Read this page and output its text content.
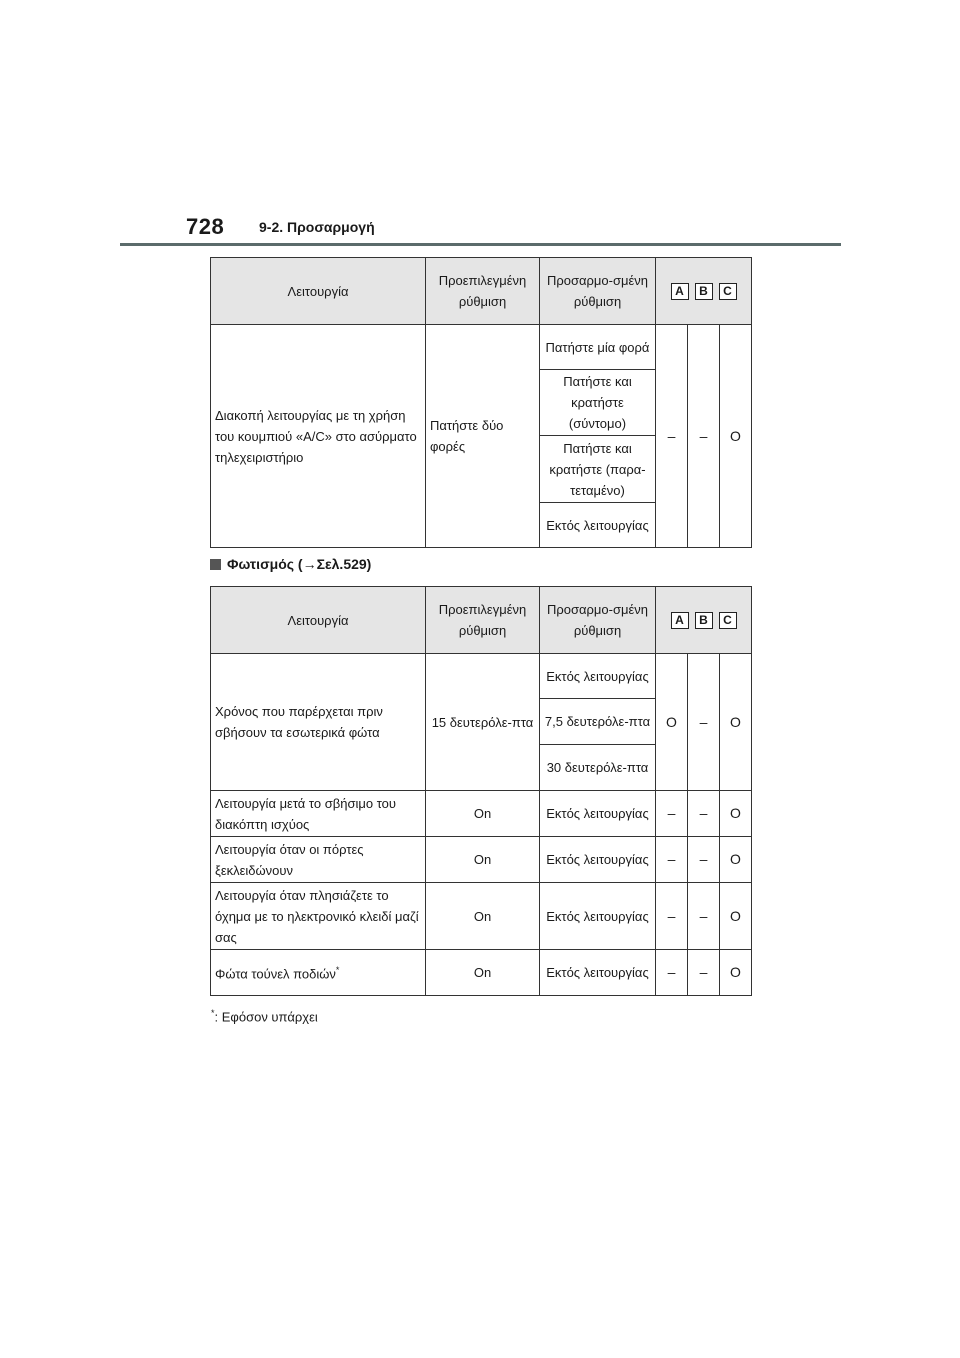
728 9-2. Προσαρμογή
Λειτουργία	Προεπιλεγμένη ρύθμιση	Προσαρμο-σμένη ρύθμιση	A B C		

Διακοπή λειτουργίας με τη χρήση του κουμπιού «A/C» στο ασύρματο τηλεχειριστήριο	Πατήστε δύο φορές	Πατήστε μία φορά	–	–	O
		Πατήστε και κρατήστε (σύντομο)			
		Πατήστε και κρατήστε (παρα-τεταμένο)			
		Εκτός λειτουργίας			
Φωτισμός (→Σελ.529)
Λειτουργία	Προεπιλεγμένη ρύθμιση	Προσαρμο-σμένη ρύθμιση	A B C		

Χρόνος που παρέρχεται πριν σβήσουν τα εσωτερικά φώτα	15 δευτερόλε-πτα	Εκτός λειτουργίας	O	–	O
		7,5 δευτερόλε-πτα			
		30 δευτερόλε-πτα			
Λειτουργία μετά το σβήσιμο του διακόπτη ισχύος	On	Εκτός λειτουργίας	–	–	O
Λειτουργία όταν οι πόρτες ξεκλειδώνουν	On	Εκτός λειτουργίας	–	–	O
Λειτουργία όταν πλησιάζετε το όχημα με το ηλεκτρονικό κλειδί μαζί σας	On	Εκτός λειτουργίας	–	–	O
Φώτα τούνελ ποδιών*	On	Εκτός λειτουργίας	–	–	O
*: Εφόσον υπάρχει
